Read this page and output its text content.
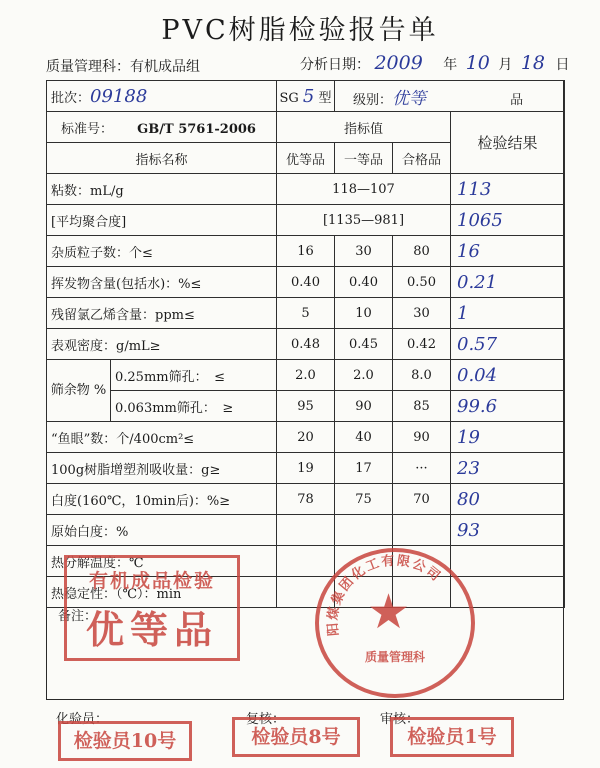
PVC树脂检验报告单
质量管理科：有机成品组	分析日期： 2009 年 10 月 18 日
批次：09188		SG 5 型	级别：优等 品		
标准号： GB/T 5761-2006		指标值			检验结果
指标名称		优等品	一等品	合格品	
粘数：mL/g		118—107			113
[平均聚合度]		[1135—981]			1065
杂质粒子数：个≤		16	30	80	16
挥发物含量(包括水)：%≤		0.40	0.40	0.50	0.21
残留氯乙烯含量：ppm≤		5	10	30	1
表观密度：g/mL≥		0.48	0.45	0.42	0.57
筛余物 %	0.25mm筛孔：　≤	2.0	2.0	8.0	0.04
	0.063mm筛孔：　≥	95	90	85	99.6
“鱼眼”数：个/400cm²≤		20	40	90	19
100g树脂增塑剂吸收量：g≥		19	17	···	23
白度(160℃，10min后)：%≥		78	75	70	80
原始白度：%					93
热分解温度：℃					
热稳定性：（℃）：min					
备注：
有机成品检验
优等品	阳煤集团化工有限公司
★
质量管理科
化验员：	复核：	审核：
检验员10号	检验员8号	检验员1号
